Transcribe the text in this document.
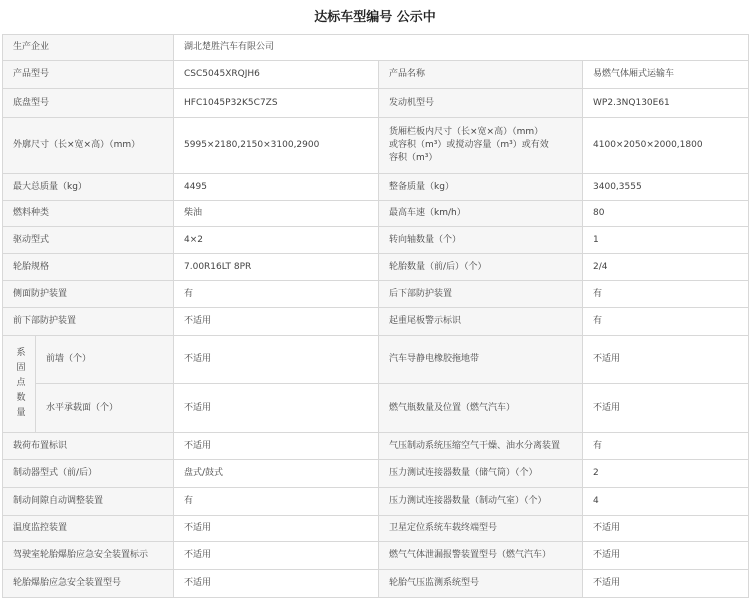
达标车型编号 公示中
生产企业		湖北楚胜汽车有限公司		
产品型号		CSC5045XRQJH6	产品名称	易燃气体厢式运输车
底盘型号		HFC1045P32K5C7ZS	发动机型号	WP2.3NQ130E61
外廓尺寸（长×宽×高）（mm）		5995×2180,2150×3100,2900	货厢栏板内尺寸（长×宽×高）（mm）或容积（m³）或搅动容量（m³）或有效容积（m³）	4100×2050×2000,1800
最大总质量（kg）		4495	整备质量（kg）	3400,3555
燃料种类		柴油	最高车速（km/h）	80
驱动型式		4×2	转向轴数量（个）	1
轮胎规格		7.00R16LT 8PR	轮胎数量（前/后）（个）	2/4
侧面防护装置		有	后下部防护装置	有
前下部防护装置		不适用	起重尾板警示标识	有
系固点数量	前墙（个）	不适用	汽车导静电橡胶拖地带	不适用
	水平承载面（个）	不适用	燃气瓶数量及位置（燃气汽车）	不适用
载荷布置标识		不适用	气压制动系统压缩空气干燥、油水分离装置	有
制动器型式（前/后）		盘式/鼓式	压力测试连接器数量（储气筒）（个）	2
制动间隙自动调整装置		有	压力测试连接器数量（制动气室）（个）	4
温度监控装置		不适用	卫星定位系统车载终端型号	不适用
驾驶室轮胎爆胎应急安全装置标示		不适用	燃气气体泄漏报警装置型号（燃气汽车）	不适用
轮胎爆胎应急安全装置型号		不适用	轮胎气压监测系统型号	不适用
